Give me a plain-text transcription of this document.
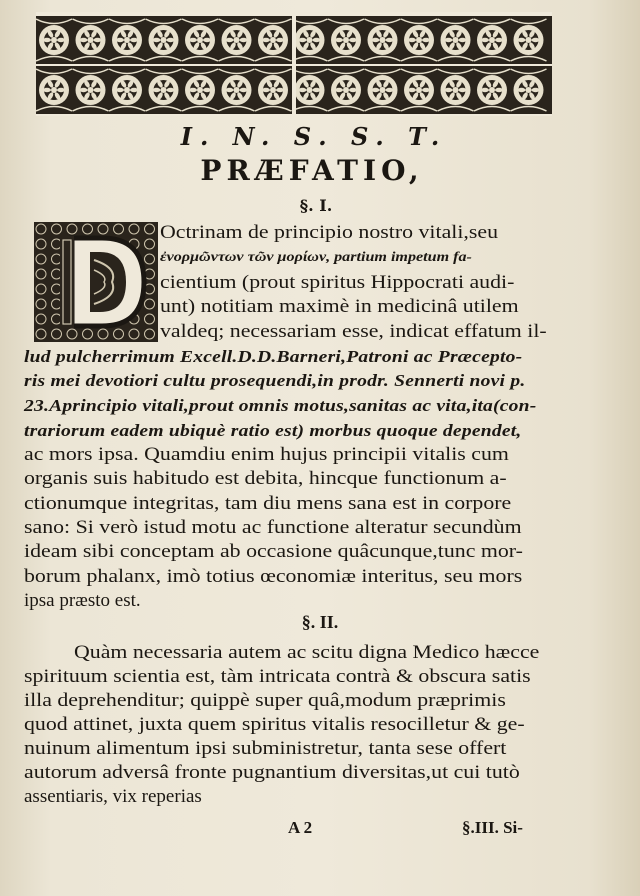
I. N. S. S. T.
PRÆFATIO,
§. I.
Octrinam de principio nostro vitali,seu
ἐνορμῶντων τῶν μορίων, partium impetum fa-
cientium (prout spiritus Hippocrati audi-
unt) notitiam maximè in medicinâ utilem
valdeq; necessariam esse, indicat effatum il-
lud pulcherrimum Excell.D.D.Barneri,Patroni ac Præcepto-
ris mei devotiori cultu prosequendi,in prodr. Sennerti novi p.
23.Aprincipio vitali,prout omnis motus,sanitas ac vita,ita(con-
trariorum eadem ubiquè ratio est) morbus quoque dependet,
ac mors ipsa. Quamdiu enim hujus principii vitalis cum
organis suis habitudo est debita, hincque functionum a-
ctionumque integritas, tam diu mens sana est in corpore
sano: Si verò istud motu ac functione alteratur secundùm
ideam sibi conceptam ab occasione quâcunque,tunc mor-
borum phalanx, imò totius œconomiæ interitus, seu mors
ipsa præsto est.
§. II.
Quàm necessaria autem ac scitu digna Medico hæcce
spirituum scientia est, tàm intricata contrà & obscura satis
illa deprehenditur; quippè super quâ,modum præprimis
quod attinet, juxta quem spiritus vitalis resocilletur & ge-
nuinum alimentum ipsi subministretur, tanta sese offert
autorum adversâ fronte pugnantium diversitas,ut cui tutò
assentiaris, vix reperias
A 2	§.III. Si-
